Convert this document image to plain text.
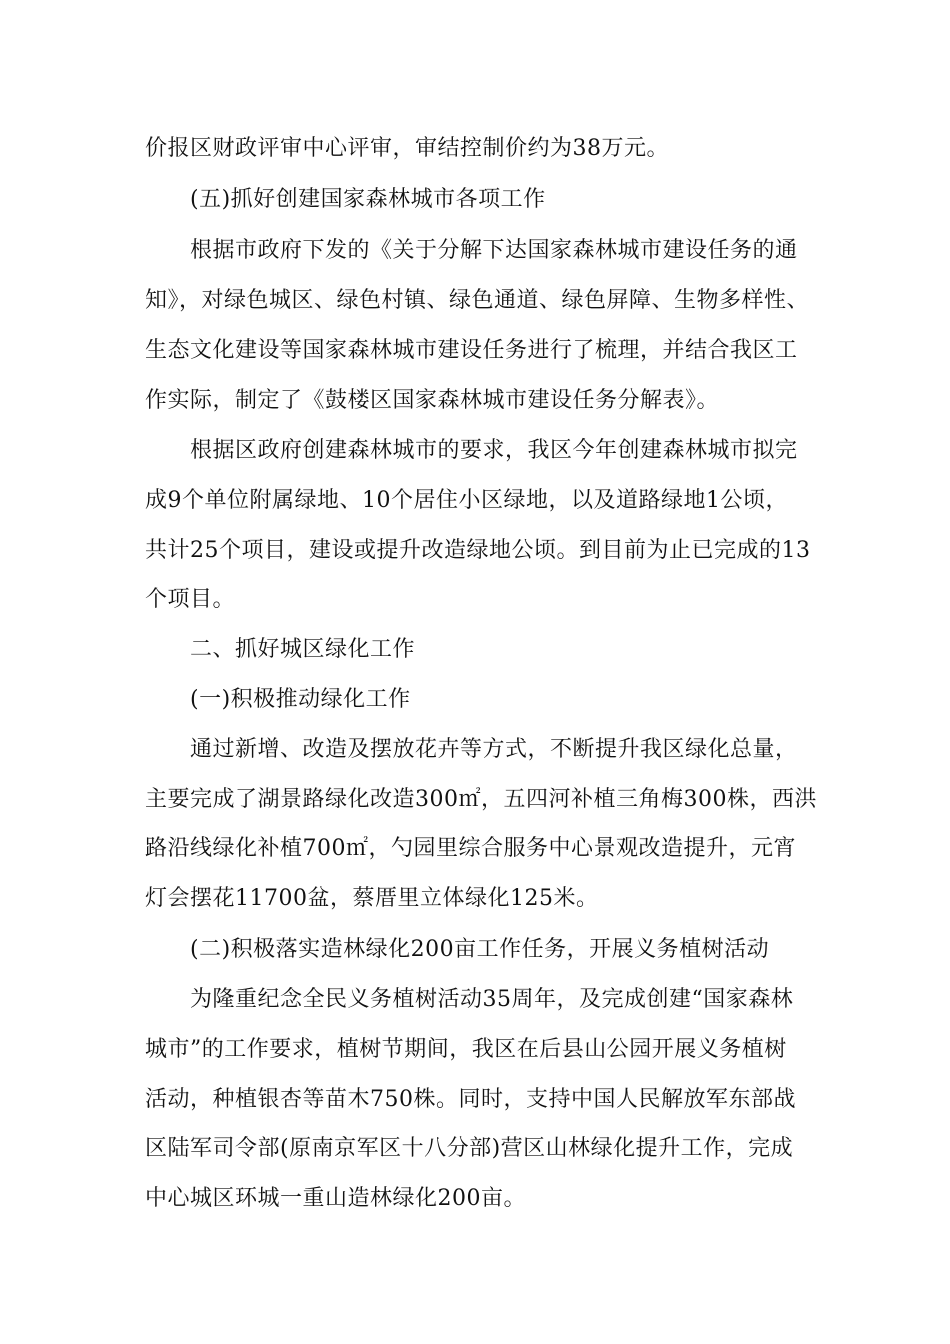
价报区财政评审中心评审，审结控制价约为38万元。
(五)抓好创建国家森林城市各项工作
根据市政府下发的《关于分解下达国家森林城市建设任务的通
知》，对绿色城区、绿色村镇、绿色通道、绿色屏障、生物多样性、
生态文化建设等国家森林城市建设任务进行了梳理，并结合我区工
作实际，制定了《鼓楼区国家森林城市建设任务分解表》。
根据区政府创建森林城市的要求，我区今年创建森林城市拟完
成9个单位附属绿地、10个居住小区绿地，以及道路绿地1公顷，
共计25个项目，建设或提升改造绿地公顷。到目前为止已完成的13
个项目。
二、抓好城区绿化工作
(一)积极推动绿化工作
通过新增、改造及摆放花卉等方式，不断提升我区绿化总量，
主要完成了湖景路绿化改造300㎡，五四河补植三角梅300株，西洪
路沿线绿化补植700㎡，勺园里综合服务中心景观改造提升，元宵
灯会摆花11700盆，蔡厝里立体绿化125米。
(二)积极落实造林绿化200亩工作任务，开展义务植树活动
为隆重纪念全民义务植树活动35周年，及完成创建“国家森林
城市”的工作要求，植树节期间，我区在后县山公园开展义务植树
活动，种植银杏等苗木750株。同时，支持中国人民解放军东部战
区陆军司令部(原南京军区十八分部)营区山林绿化提升工作，完成
中心城区环城一重山造林绿化200亩。
